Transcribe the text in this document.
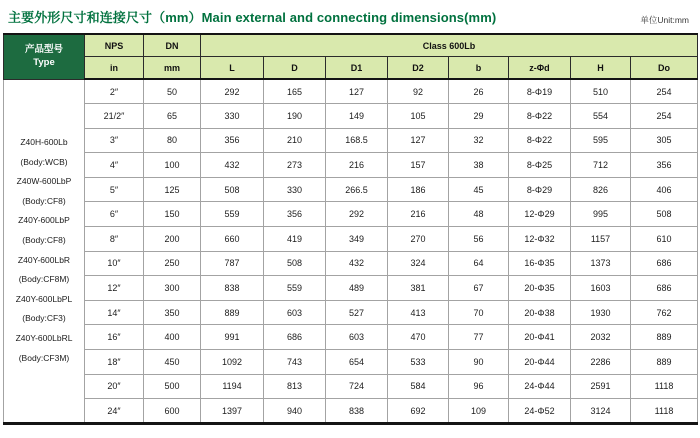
主要外形尺寸和连接尺寸（mm）Main external and connecting dimensions(mm)	单位Unit:mm
产品型号
Type	NPS	DN	Class 600Lb							
	in	mm	L	D	D1	D2	b	z-Φd	H	Do

Z40H-600Lb
(Body:WCB)
Z40W-600LbP
(Body:CF8)
Z40Y-600LbP
(Body:CF8)
Z40Y-600LbR
(Body:CF8M)
Z40Y-600LbPL
(Body:CF3)
Z40Y-600LbRL
(Body:CF3M)
	2″	50	292	165	127	92	26	8-Φ19	510	254
	21/2″	65	330	190	149	105	29	8-Φ22	554	254
	3″	80	356	210	168.5	127	32	8-Φ22	595	305
	4″	100	432	273	216	157	38	8-Φ25	712	356
	5″	125	508	330	266.5	186	45	8-Φ29	826	406
	6″	150	559	356	292	216	48	12-Φ29	995	508
	8″	200	660	419	349	270	56	12-Φ32	1157	610
	10″	250	787	508	432	324	64	16-Φ35	1373	686
	12″	300	838	559	489	381	67	20-Φ35	1603	686
	14″	350	889	603	527	413	70	20-Φ38	1930	762
	16″	400	991	686	603	470	77	20-Φ41	2032	889
	18″	450	1092	743	654	533	90	20-Φ44	2286	889
	20″	500	1194	813	724	584	96	24-Φ44	2591	1118
	24″	600	1397	940	838	692	109	24-Φ52	3124	1118
